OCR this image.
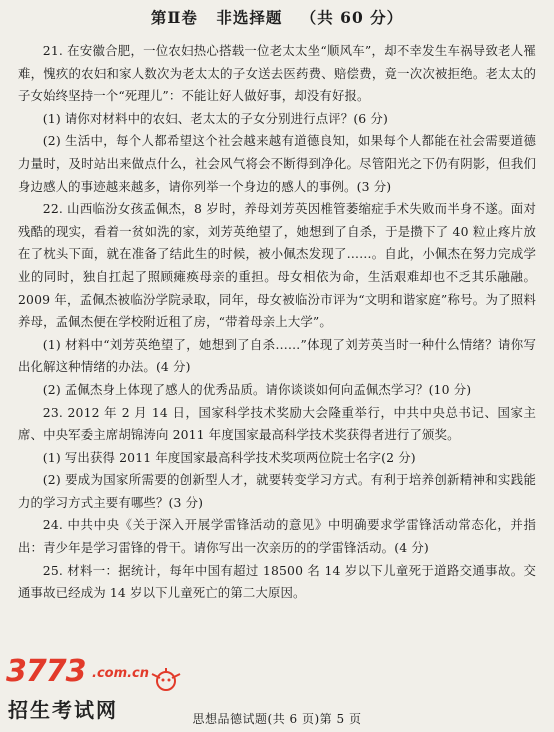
第Ⅱ卷 非选择题 （共 60 分）

21. 在安徽合肥，一位农妇热心搭载一位老太太坐“顺风车”，却不幸发生车祸导致老人罹难，愧疚的农妇和家人数次为老太太的子女送去医药费、赔偿费，竟一次次被拒绝。老太太的子女始终坚持一个“死理儿”：不能让好人做好事，却没有好报。

(1) 请你对材料中的农妇、老太太的子女分别进行点评？(6 分)

(2) 生活中，每个人都希望这个社会越来越有道德良知，如果每个人都能在社会需要道德力量时，及时站出来做点什么，社会风气将会不断得到净化。尽管阳光之下仍有阴影，但我们身边感人的事迹越来越多，请你列举一个身边的感人的事例。(3 分)

22. 山西临汾女孩孟佩杰，8 岁时，养母刘芳英因椎管萎缩症手术失败而半身不遂。面对残酷的现实，看着一贫如洗的家，刘芳英绝望了，她想到了自杀，于是攒下了 40 粒止疼片放在了枕头下面，就在准备了结此生的时候，被小佩杰发现了……。自此，小佩杰在努力完成学业的同时，独自扛起了照顾瘫痪母亲的重担。母女相依为命，生活艰难却也不乏其乐融融。2009 年，孟佩杰被临汾学院录取，同年，母女被临汾市评为“文明和谐家庭”称号。为了照料养母，孟佩杰便在学校附近租了房，“带着母亲上大学”。

(1) 材料中“刘芳英绝望了，她想到了自杀……”体现了刘芳英当时一种什么情绪？请你写出化解这种情绪的办法。(4 分)

(2) 孟佩杰身上体现了感人的优秀品质。请你谈谈如何向孟佩杰学习？(10 分)

23. 2012 年 2 月 14 日，国家科学技术奖励大会隆重举行，中共中央总书记、国家主席、中央军委主席胡锦涛向 2011 年度国家最高科学技术奖获得者进行了颁奖。

(1) 写出获得 2011 年度国家最高科学技术奖项两位院士名字(2 分)

(2) 要成为国家所需要的创新型人才，就要转变学习方式。有利于培养创新精神和实践能力的学习方式主要有哪些？(3 分)

24. 中共中央《关于深入开展学雷锋活动的意见》中明确要求学雷锋活动常态化，并指出：青少年是学习雷锋的骨干。请你写出一次亲历的的学雷锋活动。(4 分)

25. 材料一：据统计，每年中国有超过 18500 名 14 岁以下儿童死于道路交通事故。交通事故已经成为 14 岁以下儿童死亡的第二大原因。

3773 .com.cn
招生考试网	思想品德试题(共 6 页)第 5 页
